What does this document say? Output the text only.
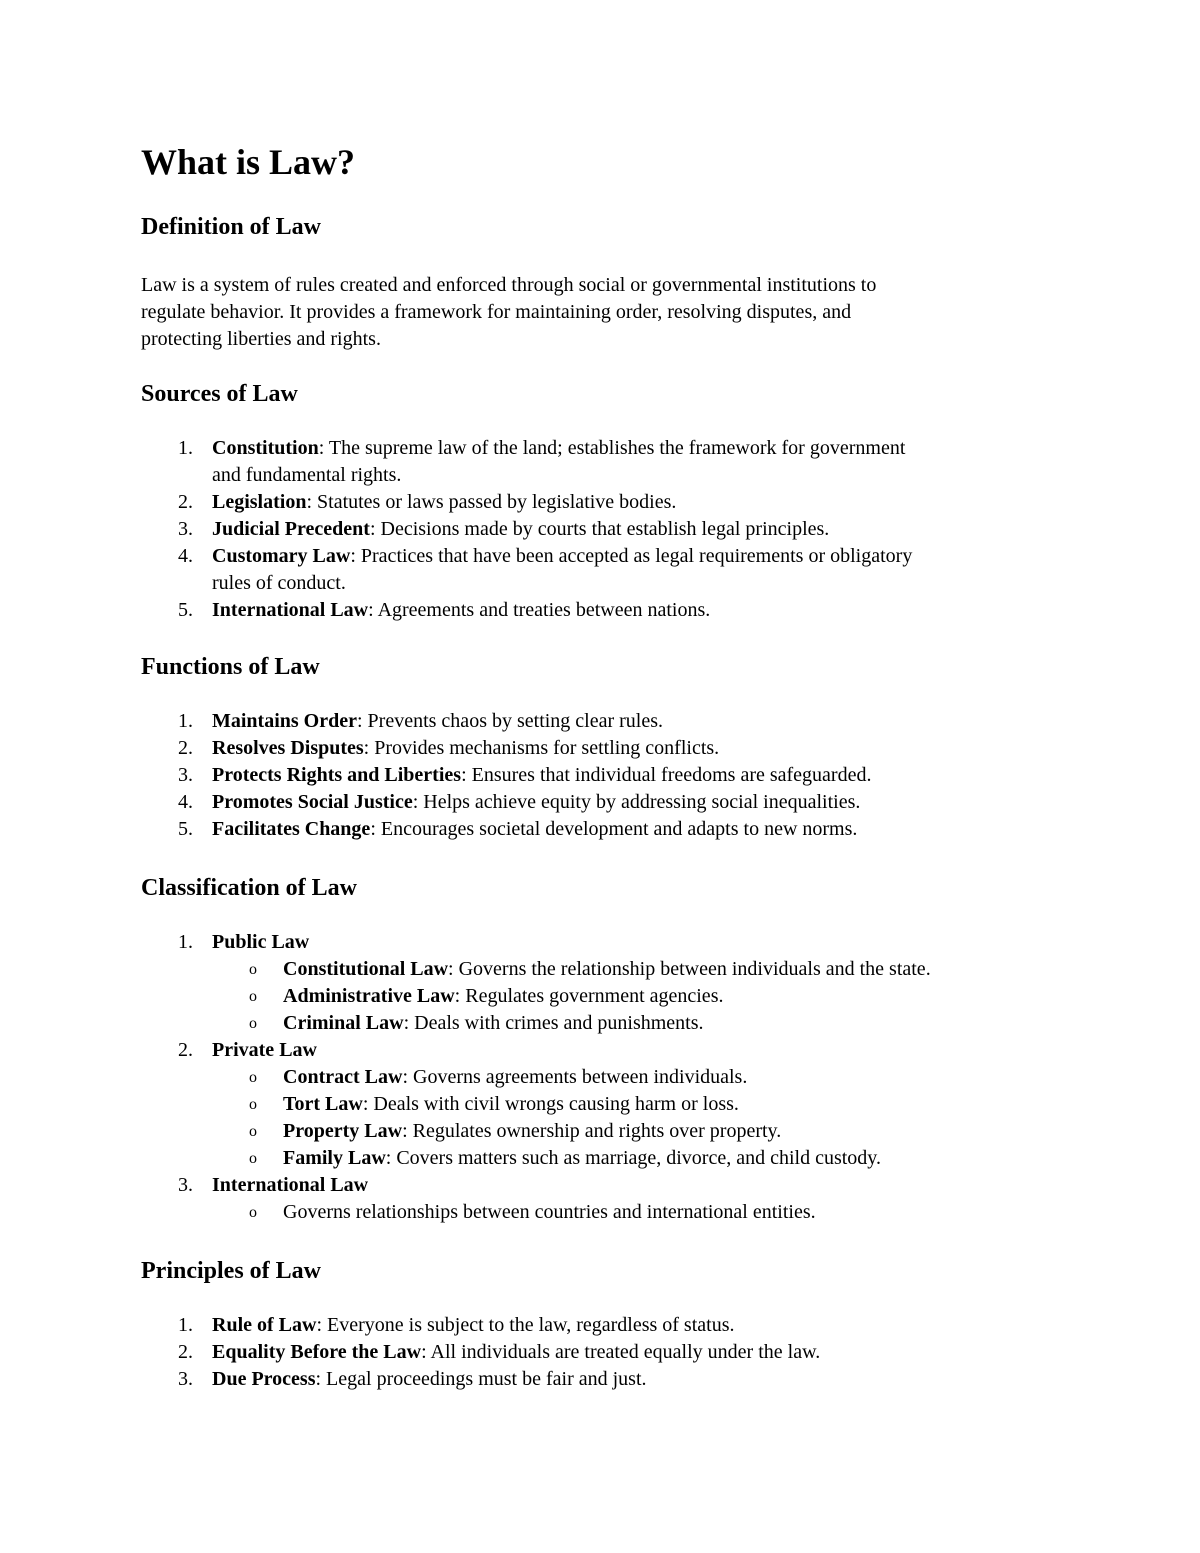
What is Law?
Definition of Law

Law is a system of rules created and enforced through social or governmental institutions to

regulate behavior. It provides a framework for maintaining order, resolving disputes, and

protecting liberties and rights.

Sources of Law
1. Constitution: The supreme law of the land; establishes the framework for government
and fundamental rights.
2. Legislation: Statutes or laws passed by legislative bodies.
3. Judicial Precedent: Decisions made by courts that establish legal principles.
4. Customary Law: Practices that have been accepted as legal requirements or obligatory
rules of conduct.
5. International Law: Agreements and treaties between nations.
Functions of Law
1. Maintains Order: Prevents chaos by setting clear rules.
2. Resolves Disputes: Provides mechanisms for settling conflicts.
3. Protects Rights and Liberties: Ensures that individual freedoms are safeguarded.
4. Promotes Social Justice: Helps achieve equity by addressing social inequalities.
5. Facilitates Change: Encourages societal development and adapts to new norms.
Classification of Law
1. Public Law
o Constitutional Law: Governs the relationship between individuals and the state.
o Administrative Law: Regulates government agencies.
o Criminal Law: Deals with crimes and punishments.
2. Private Law
o Contract Law: Governs agreements between individuals.
o Tort Law: Deals with civil wrongs causing harm or loss.
o Property Law: Regulates ownership and rights over property.
o Family Law: Covers matters such as marriage, divorce, and child custody.
3. International Law
o Governs relationships between countries and international entities.
Principles of Law
1. Rule of Law: Everyone is subject to the law, regardless of status.
2. Equality Before the Law: All individuals are treated equally under the law.
3. Due Process: Legal proceedings must be fair and just.
